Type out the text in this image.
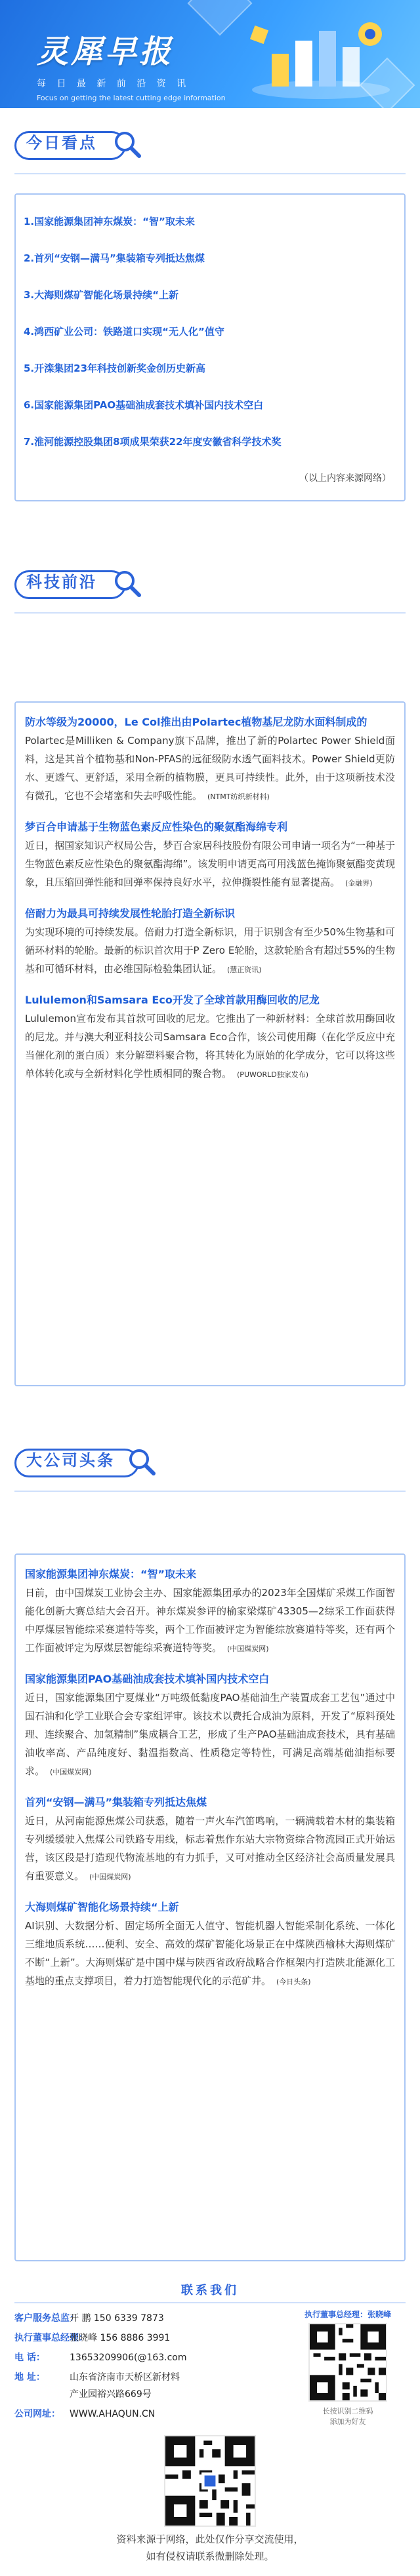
灵犀早报
每 日 最 新 前 沿 资 讯
Focus on getting the latest cutting edge information
今日看点
1.国家能源集团神东煤炭：“智”取未来
2.首列“安钢—满马”集装箱专列抵达焦煤
3.大海则煤矿智能化场景持续“上新
4.鸿西矿业公司：铁路道口实现“无人化”值守
5.开滦集团23年科技创新奖金创历史新高
6.国家能源集团PAO基础油成套技术填补国内技术空白
7.淮河能源控股集团8项成果荣获22年度安徽省科学技术奖
（以上内容来源网络）
科技前沿
防水等级为20000，Le Col推出由Polartec植物基尼龙防水面料制成的
Polartec是Milliken & Company旗下品牌，推出了新的Polartec Power Shield面料，这是其首个植物基和Non-PFAS的远征级防水透气面料技术。Power Shield更防水、更透气、更舒适，采用全新的植物膜，更具可持续性。此外，由于这项新技术没有微孔，它也不会堵塞和失去呼吸性能。 (NTMT纺织新材料)
梦百合申请基于生物蓝色素反应性染色的聚氨酯海绵专利
近日，据国家知识产权局公告，梦百合家居科技股份有限公司申请一项名为“一种基于生物蓝色素反应性染色的聚氨酯海绵”。该发明申请更高可用浅蓝色掩饰聚氨酯变黄现象，且压缩回弹性能和回弹率保持良好水平，拉伸撕裂性能有显著提高。 (金融界)
倍耐力为最具可持续发展性轮胎打造全新标识
为实现环境的可持续发展。倍耐力打造全新标识，用于识别含有至少50%生物基和可循环材料的轮胎。最新的标识首次用于P Zero E轮胎，这款轮胎含有超过55%的生物基和可循环材料，由必维国际检验集团认证。 (慧正资讯)
Lululemon和Samsara Eco开发了全球首款用酶回收的尼龙
Lululemon宣布发布其首款可回收的尼龙。它推出了一种新材料：全球首款用酶回收的尼龙。并与澳大利亚科技公司Samsara Eco合作，该公司使用酶（在化学反应中充当催化剂的蛋白质）来分解塑料聚合物，将其转化为原始的化学成分，它可以将这些单体转化或与全新材料化学性质相同的聚合物。 (PUWORLD独家发布)
大公司头条
国家能源集团神东煤炭：“智”取未来
日前，由中国煤炭工业协会主办、国家能源集团承办的2023年全国煤矿采煤工作面智能化创新大赛总结大会召开。神东煤炭参评的榆家梁煤矿43305—2综采工作面获得中厚煤层智能综采赛道特等奖，两个工作面被评定为智能综放赛道特等奖，还有两个工作面被评定为厚煤层智能综采赛道特等奖。 (中国煤炭网)
国家能源集团PAO基础油成套技术填补国内技术空白
近日，国家能源集团宁夏煤业“万吨级低黏度PAO基础油生产装置成套工艺包”通过中国石油和化学工业联合会专家组评审。该技术以费托合成油为原料，开发了“原料预处理、连续聚合、加氢精制”集成耦合工艺，形成了生产PAO基础油成套技术，具有基础油收率高、产品纯度好、黏温指数高、性质稳定等特性，可满足高端基础油指标要求。 (中国煤炭网)
首列“安钢—满马”集装箱专列抵达焦煤
近日，从河南能源焦煤公司获悉，随着一声火车汽笛鸣响，一辆满载着木材的集装箱专列缓缓驶入焦煤公司铁路专用线，标志着焦作东站大宗物资综合物流园正式开始运营，该区段是打造现代物流基地的有力抓手，又可对推动全区经济社会高质量发展具有重要意义。 (中国煤炭网)
大海则煤矿智能化场景持续“上新
AI识别、大数据分析、固定场所全面无人值守、智能机器人智能采制化系统、一体化三维地质系统……便利、安全、高效的煤矿智能化场景正在中煤陕西榆林大海则煤矿不断“上新”。大海则煤矿是中国中煤与陕西省政府战略合作框架内打造陕北能源化工基地的重点支撑项目，着力打造智能现代化的示范矿井。 (今日头条)
联系我们
客户服务总监：开 鹏 150 6339 7873
执行董事总经理：张晓峰 156 8886 3991
电 话：	13653209906(@163.com
地 址：	山东省济南市天桥区新材料
产业园裕兴路669号
公司网址： WWW.AHAQUN.CN
执行董事总经理：张晓峰
长按识别二维码
添加为好友
资料来源于网络，此处仅作分享交流使用，
如有侵权请联系微删除处理。
